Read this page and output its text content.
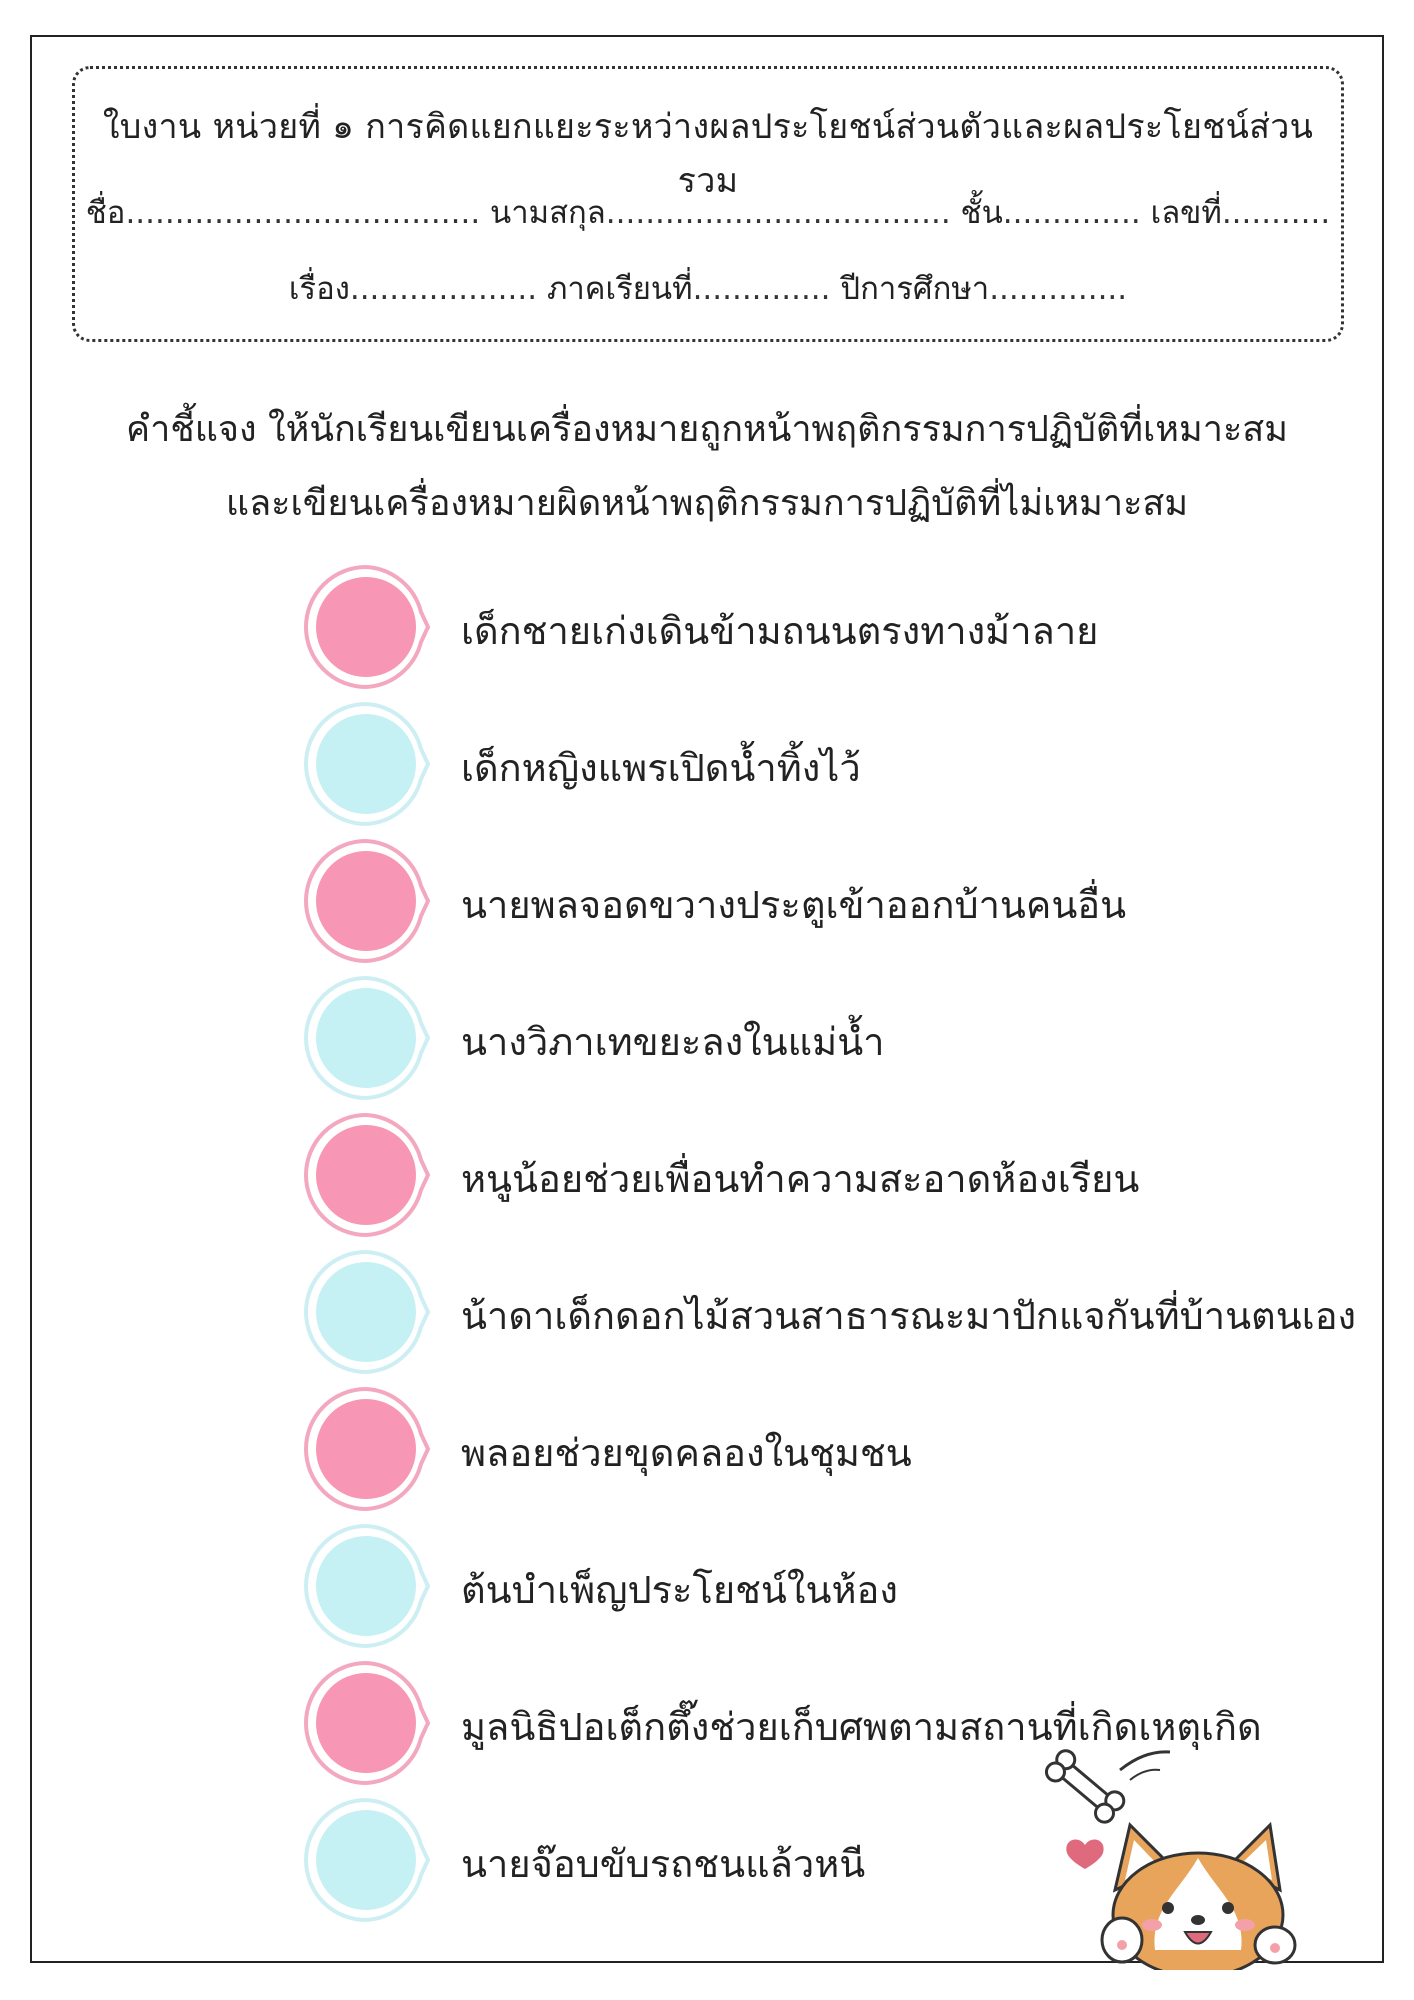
ใบงาน หน่วยที่ ๑ การคิดแยกแยะระหว่างผลประโยชน์ส่วนตัวและผลประโยชน์ส่วนรวม
ชื่อ.................................... นามสกุล................................... ชั้น.............. เลขที่...........
เรื่อง................... ภาคเรียนที่.............. ปีการศึกษา..............
คำชี้แจง ให้นักเรียนเขียนเครื่องหมายถูกหน้าพฤติกรรมการปฏิบัติที่เหมาะสม
และเขียนเครื่องหมายผิดหน้าพฤติกรรมการปฏิบัติที่ไม่เหมาะสม
เด็กชายเก่งเดินข้ามถนนตรงทางม้าลาย
เด็กหญิงแพรเปิดน้ำทิ้งไว้
นายพลจอดขวางประตูเข้าออกบ้านคนอื่น
นางวิภาเทขยะลงในแม่น้ำ
หนูน้อยช่วยเพื่อนทำความสะอาดห้องเรียน
น้าดาเด็กดอกไม้สวนสาธารณะมาปักแจกันที่บ้านตนเอง
พลอยช่วยขุดคลองในชุมชน
ต้นบำเพ็ญประโยชน์ในห้อง
มูลนิธิปอเต็กตึ๊งช่วยเก็บศพตามสถานที่เกิดเหตุเกิด
นายจ๊อบขับรถชนแล้วหนี
